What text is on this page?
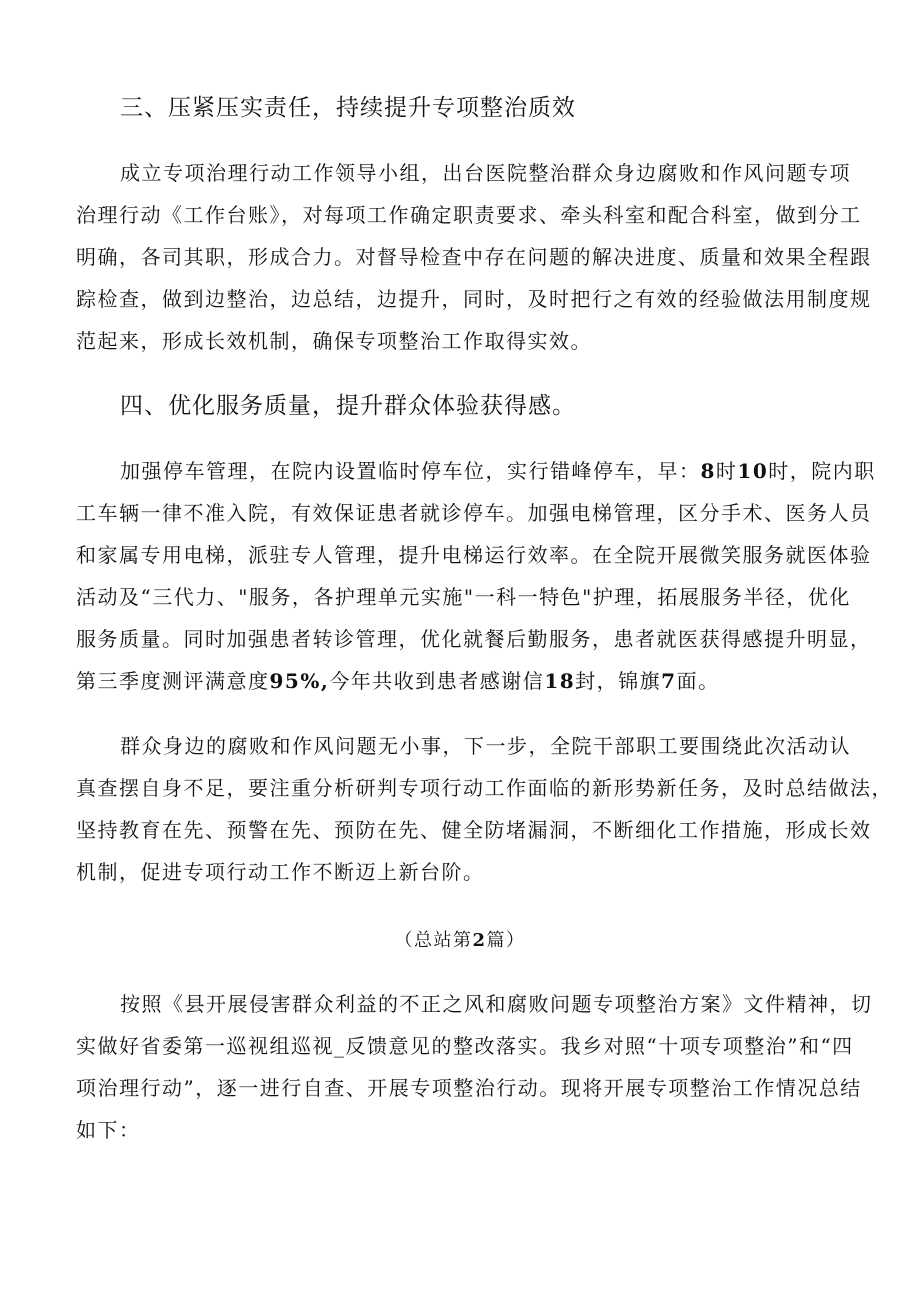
三、压紧压实责任，持续提升专项整治质效
成立专项治理行动工作领导小组，出台医院整治群众身边腐败和作风问题专项
治理行动《工作台账》，对每项工作确定职责要求、牵头科室和配合科室，做到分工
明确，各司其职，形成合力。对督导检查中存在问题的解决进度、质量和效果全程跟
踪检查，做到边整治，边总结，边提升，同时，及时把行之有效的经验做法用制度规
范起来，形成长效机制，确保专项整治工作取得实效。
四、优化服务质量，提升群众体验获得感。
加强停车管理，在院内设置临时停车位，实行错峰停车，早：8时10时，院内职
工车辆一律不准入院，有效保证患者就诊停车。加强电梯管理，区分手术、医务人员
和家属专用电梯，派驻专人管理，提升电梯运行效率。在全院开展微笑服务就医体验
活动及“三代力、"服务，各护理单元实施"一科一特色"护理，拓展服务半径，优化
服务质量。同时加强患者转诊管理，优化就餐后勤服务，患者就医获得感提升明显，
第三季度测评满意度95%,今年共收到患者感谢信18封，锦旗7面。
群众身边的腐败和作风问题无小事，下一步，全院干部职工要围绕此次活动认
真查摆自身不足，要注重分析研判专项行动工作面临的新形势新任务，及时总结做法，
坚持教育在先、预警在先、预防在先、健全防堵漏洞，不断细化工作措施，形成长效
机制，促进专项行动工作不断迈上新台阶。
（总站第2篇）
按照《县开展侵害群众利益的不正之风和腐败问题专项整治方案》文件精神，切
实做好省委第一巡视组巡视_反馈意见的整改落实。我乡对照“十项专项整治”和“四
项治理行动”，逐一进行自查、开展专项整治行动。现将开展专项整治工作情况总结
如下：
